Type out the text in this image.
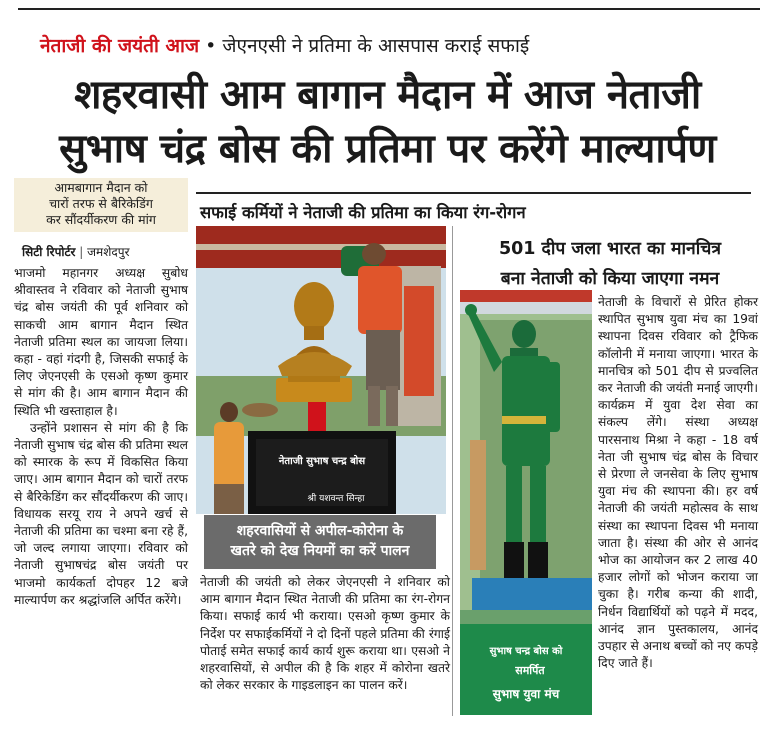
नेताजी की जयंती आज • जेएनएसी ने प्रतिमा के आसपास कराई सफाई
शहरवासी आम बागान मैदान में आज नेताजी
सुभाष चंद्र बोस की प्रतिमा पर करेंगे माल्यार्पण
आमबागान मैदान को
चारों तरफ से बैरिकेडिंग
कर सौंदर्यीकरण की मांग
सिटी रिपोर्टर | जमशेदपुर

भाजमो महानगर अध्यक्ष सुबोध श्रीवास्तव ने रविवार को नेताजी सुभाष चंद्र बोस जयंती की पूर्व शनिवार को साकची आम बागान मैदान स्थित नेताजी प्रतिमा स्थल का जायजा लिया। कहा - वहां गंदगी है, जिसकी सफाई के लिए जेएनएसी के एसओ कृष्ण कुमार से मांग की है। आम बागान मैदान की स्थिति भी खस्ताहाल है।

उन्होंने प्रशासन से मांग की है कि नेताजी सुभाष चंद्र बोस की प्रतिमा स्थल को स्मारक के रूप में विकसित किया जाए। आम बागान मैदान को चारों तरफ से बैरिकेडिंग कर सौंदर्यीकरण की जाए। विधायक सरयू राय ने अपने खर्च से नेताजी की प्रतिमा का चश्मा बना रहे हैं, जो जल्द लगाया जाएगा। रविवार को नेताजी सुभाषचंद्र बोस जयंती पर भाजमो कार्यकर्ता दोपहर 12 बजे माल्यार्पण कर श्रद्धांजलि अर्पित करेंगे।

सफाई कर्मियों ने नेताजी की प्रतिमा का किया रंग-रोगन
नेताजी सुभाष चन्द्र बोस
श्री यशवन्त सिन्हा
शहरवासियों से अपील-कोरोना के
खतरे को देख नियमों का करें पालन

नेताजी की जयंती को लेकर जेएनएसी ने शनिवार को आम बागान मैदान स्थित नेताजी की प्रतिमा का रंग-रोगन किया। सफाई कार्य भी कराया। एसओ कृष्ण कुमार के निर्देश पर सफाईकर्मियों ने दो दिनों पहले प्रतिमा की रंगाई पोताई समेत सफाई कार्य कार्य शुरू कराया था। एसओ ने शहरवासियों, से अपील की है कि शहर में कोरोना खतरे को लेकर सरकार के गाइडलाइन का पालन करें।

501 दीप जला भारत का मानचित्र
बना नेताजी को किया जाएगा नमन
सुभाष चन्द्र बोस को
समर्पित
सुभाष युवा मंच

नेताजी के विचारों से प्रेरित होकर स्थापित सुभाष युवा मंच का 19वां स्थापना दिवस रविवार को ट्रैफिक कॉलोनी में मनाया जाएगा। भारत के मानचित्र को 501 दीप से प्रज्वलित कर नेताजी की जयंती मनाई जाएगी। कार्यक्रम में युवा देश सेवा का संकल्प लेंगे। संस्था अध्यक्ष पारसनाथ मिश्रा ने कहा - 18 वर्ष नेता जी सुभाष चंद्र बोस के विचार से प्रेरणा ले जनसेवा के लिए सुभाष युवा मंच की स्थापना की। हर वर्ष नेताजी की जयंती महोत्सव के साथ संस्था का स्थापना दिवस भी मनाया जाता है। संस्था की ओर से आनंद भोज का आयोजन कर 2 लाख 40 हजार लोगों को भोजन कराया जा चुका है। गरीब कन्या की शादी, निर्धन विद्यार्थियों को पढ़ने में मदद, आनंद ज्ञान पुस्तकालय, आनंद उपहार से अनाथ बच्चों को नए कपड़े दिए जाते हैं।
